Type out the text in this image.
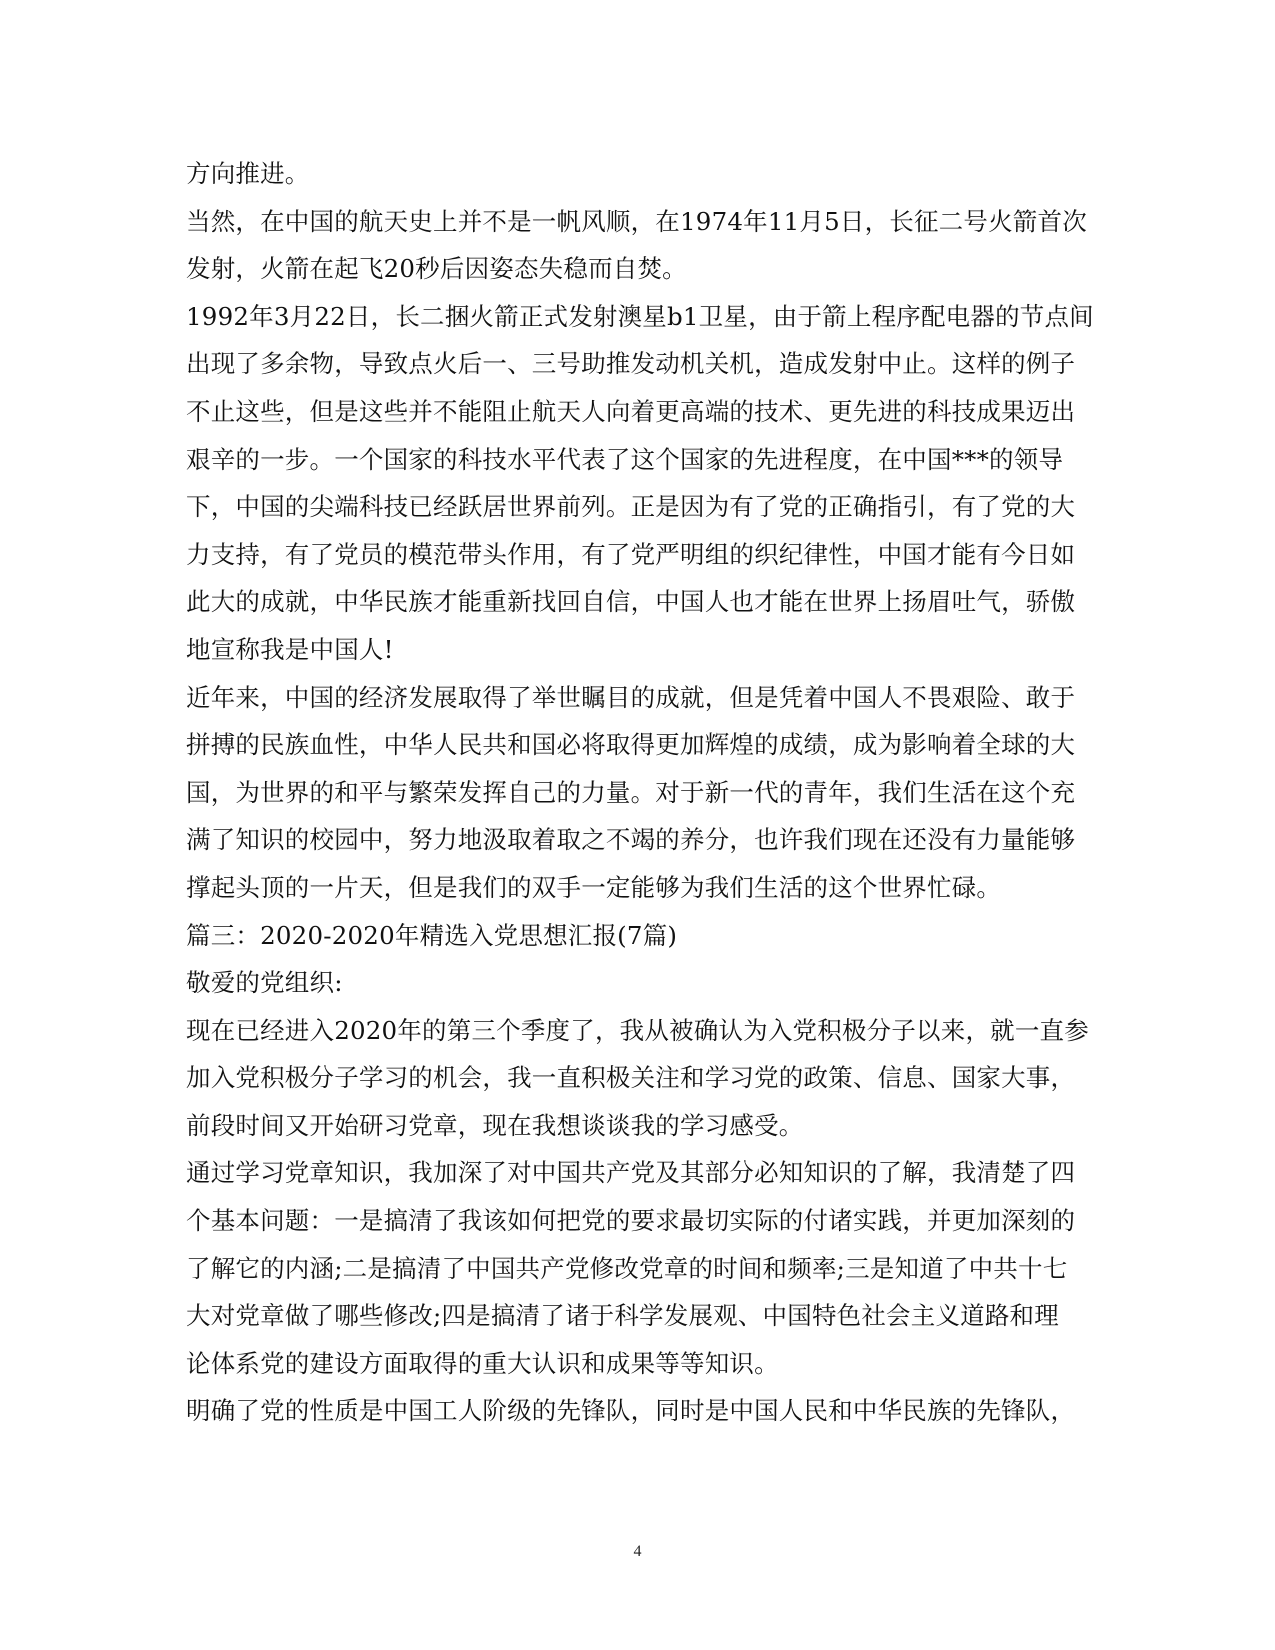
方向推进。
当然，在中国的航天史上并不是一帆风顺，在1974年11月5日，长征二号火箭首次
发射，火箭在起飞20秒后因姿态失稳而自焚。
1992年3月22日，长二捆火箭正式发射澳星b1卫星，由于箭上程序配电器的节点间
出现了多余物，导致点火后一、三号助推发动机关机，造成发射中止。这样的例子
不止这些，但是这些并不能阻止航天人向着更高端的技术、更先进的科技成果迈出
艰辛的一步。一个国家的科技水平代表了这个国家的先进程度，在中国***的领导
下，中国的尖端科技已经跃居世界前列。正是因为有了党的正确指引，有了党的大
力支持，有了党员的模范带头作用，有了党严明组的织纪律性，中国才能有今日如
此大的成就，中华民族才能重新找回自信，中国人也才能在世界上扬眉吐气，骄傲
地宣称我是中国人!
近年来，中国的经济发展取得了举世瞩目的成就，但是凭着中国人不畏艰险、敢于
拼搏的民族血性，中华人民共和国必将取得更加辉煌的成绩，成为影响着全球的大
国，为世界的和平与繁荣发挥自己的力量。对于新一代的青年，我们生活在这个充
满了知识的校园中，努力地汲取着取之不竭的养分，也许我们现在还没有力量能够
撑起头顶的一片天，但是我们的双手一定能够为我们生活的这个世界忙碌。
篇三：2020-2020年精选入党思想汇报(7篇)
敬爱的党组织:
现在已经进入2020年的第三个季度了，我从被确认为入党积极分子以来，就一直参
加入党积极分子学习的机会，我一直积极关注和学习党的政策、信息、国家大事，
前段时间又开始研习党章，现在我想谈谈我的学习感受。
通过学习党章知识，我加深了对中国共产党及其部分必知知识的了解，我清楚了四
个基本问题：一是搞清了我该如何把党的要求最切实际的付诸实践，并更加深刻的
了解它的内涵;二是搞清了中国共产党修改党章的时间和频率;三是知道了中共十七
大对党章做了哪些修改;四是搞清了诸于科学发展观、中国特色社会主义道路和理
论体系党的建设方面取得的重大认识和成果等等知识。
明确了党的性质是中国工人阶级的先锋队，同时是中国人民和中华民族的先锋队，
4
